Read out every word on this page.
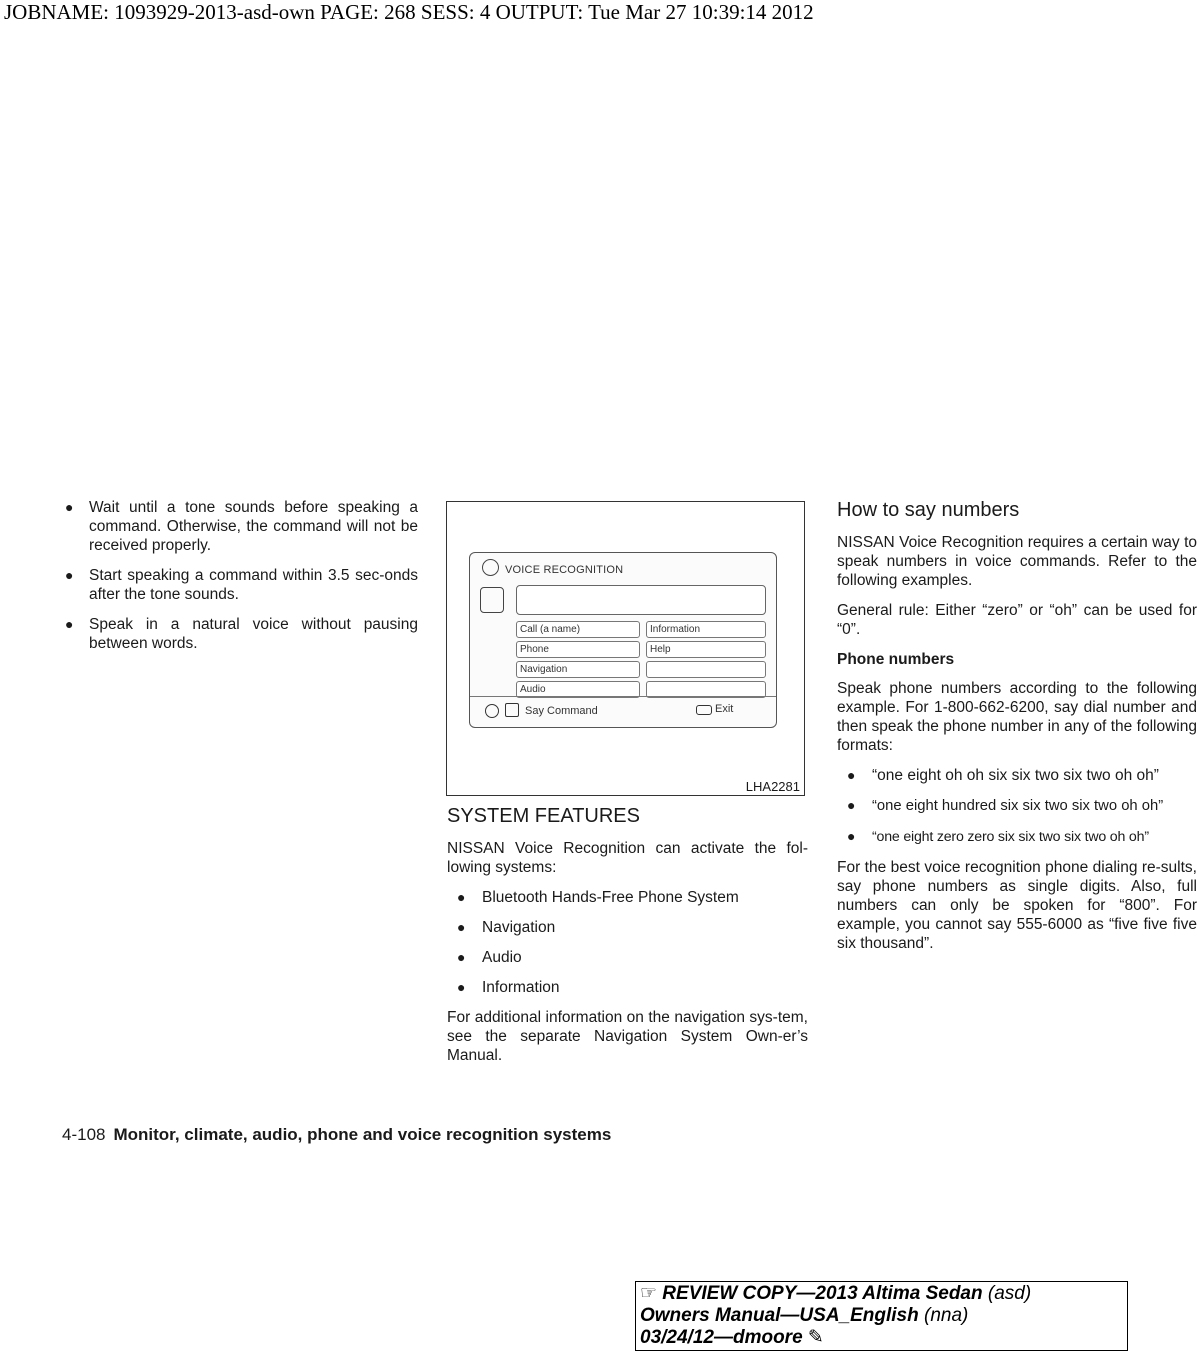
JOBNAME: 1093929-2013-asd-own PAGE: 268 SESS: 4 OUTPUT: Tue Mar 27 10:39:14 2012
● Wait until a tone sounds before speaking a command. Otherwise, the command will not be received properly.
● Start speaking a command within 3.5 sec-onds after the tone sounds.
● Speak in a natural voice without pausing between words.
VOICE RECOGNITION
Call (a name)
Phone
Navigation
Audio
Information
Help
Say Command	Exit
LHA2281
SYSTEM FEATURES

NISSAN Voice Recognition can activate the fol-lowing systems:

● Bluetooth Hands-Free Phone System
● Navigation
● Audio
● Information

For additional information on the navigation sys-tem, see the separate Navigation System Own-er’s Manual.

How to say numbers

NISSAN Voice Recognition requires a certain way to speak numbers in voice commands. Refer to the following examples.

General rule: Either “zero” or “oh” can be used for “0”.

Phone numbers

Speak phone numbers according to the following example. For 1-800-662-6200, say dial number and then speak the phone number in any of the following formats:

● “one eight oh oh six six two six two oh oh”
● “one eight hundred six six two six two oh oh”
● “one eight zero zero six six two six two oh oh”

For the best voice recognition phone dialing re-sults, say phone numbers as single digits. Also, full numbers can only be spoken for “800”. For example, you cannot say 555-6000 as “five five five six thousand”.

4-108 Monitor, climate, audio, phone and voice recognition systems
☞ REVIEW COPY—2013 Altima Sedan (asd)
Owners Manual—USA_English (nna)
03/24/12—dmoore ✎
